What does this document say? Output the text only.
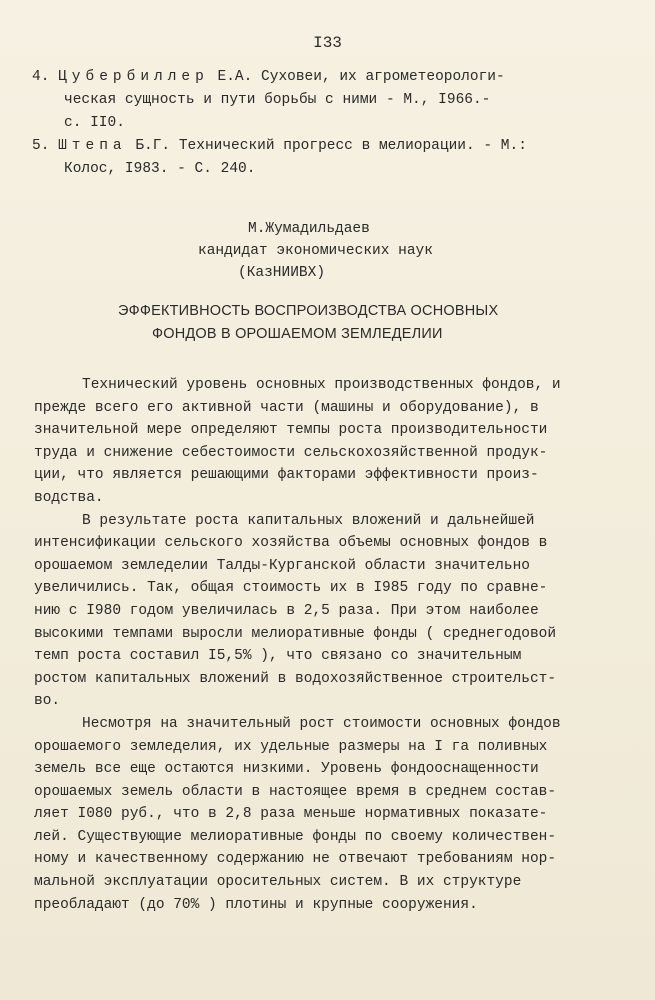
I33
4. Цубербиллер Е.А. Суховеи, их агрометеорологи-
ческая сущность и пути борьбы с ними - М., I966.-
с. II0.
5. Штепа Б.Г. Технический прогресс в мелиорации. - М.:
Колос, I983. - С. 240.
М.Жумадильдаев
кандидат экономических наук
(КазНИИВХ)
ЭФФЕКТИВНОСТЬ ВОСПРОИЗВОДСТВА ОСНОВНЫХ
ФОНДОВ В ОРОШАЕМОМ ЗЕМЛЕДЕЛИИ
Технический уровень основных производственных фондов, и
прежде всего его активной части (машины и оборудование), в
значительной мере определяют темпы роста производительности
труда и снижение себестоимости сельскохозяйственной продук-
ции, что является решающими факторами эффективности произ-
водства.
В результате роста капитальных вложений и дальнейшей
интенсификации сельского хозяйства объемы основных фондов в
орошаемом земледелии Талды-Курганской области значительно
увеличились. Так, общая стоимость их в I985 году по сравне-
нию с I980 годом увеличилась в 2,5 раза. При этом наиболее
высокими темпами выросли мелиоративные фонды ( среднегодовой
темп роста составил I5,5% ), что связано со значительным
ростом капитальных вложений в водохозяйственное строительст-
во.
Несмотря на значительный рост стоимости основных фондов
орошаемого земледелия, их удельные размеры на I га поливных
земель все еще остаются низкими. Уровень фондооснащенности
орошаемых земель области в настоящее время в среднем состав-
ляет I080 руб., что в 2,8 раза меньше нормативных показате-
лей. Существующие мелиоративные фонды по своему количествен-
ному и качественному содержанию не отвечают требованиям нор-
мальной эксплуатации оросительных систем. В их структуре
преобладают (до 70% ) плотины и крупные сооружения.
